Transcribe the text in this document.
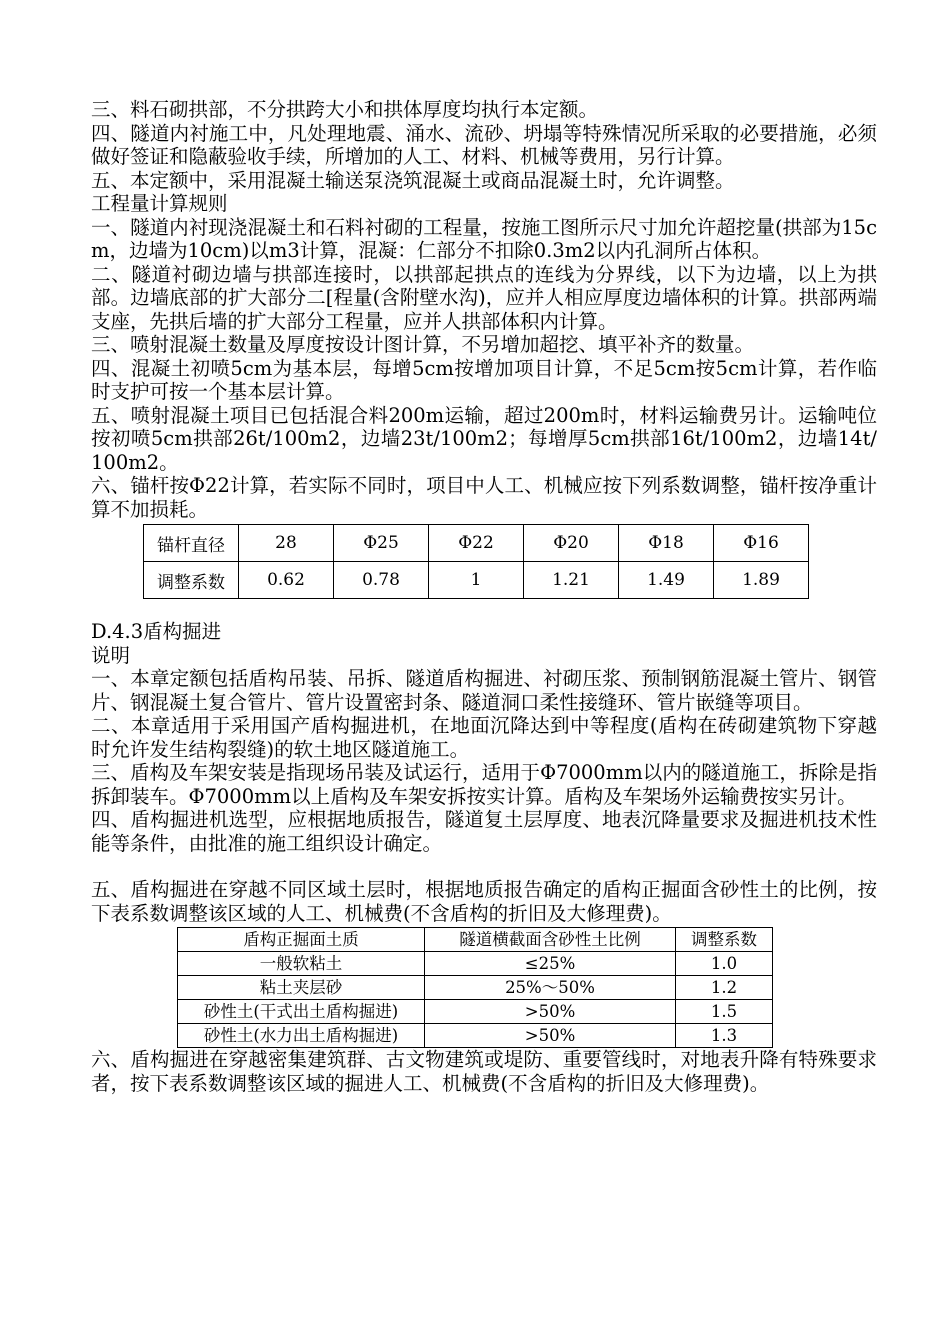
三、料石砌拱部，不分拱跨大小和拱体厚度均执行本定额。

四、隧道内衬施工中，凡处理地震、涌水、流砂、坍塌等特殊情况所采取的必要措施，必须做好签证和隐蔽验收手续，所增加的人工、材料、机械等费用，另行计算。

五、本定额中，采用混凝土输送泵浇筑混凝土或商品混凝土时，允许调整。

工程量计算规则

一、隧道内衬现浇混凝土和石料衬砌的工程量，按施工图所示尺寸加允许超挖量(拱部为15cm，边墙为10cm)以m3计算，混凝：仁部分不扣除0.3m2以内孔洞所占体积。

二、隧道衬砌边墙与拱部连接时，以拱部起拱点的连线为分界线，以下为边墙，以上为拱部。边墙底部的扩大部分二[程量(含附壁水沟)，应并人相应厚度边墙体积的计算。拱部两端支座，先拱后墙的扩大部分工程量，应并人拱部体积内计算。

三、喷射混凝土数量及厚度按设计图计算，不另增加超挖、填平补齐的数量。

四、混凝土初喷5cm为基本层，每增5cm按增加项目计算，不足5cm按5cm计算，若作临时支护可按一个基本层计算。

五、喷射混凝土项目已包括混合料200m运输，超过200m时，材料运输费另计。运输吨位按初喷5cm拱部26t/100m2，边墙23t/100m2；每增厚5cm拱部16t/100m2，边墙14t/100m2。

六、锚杆按Φ22计算，若实际不同时，项目中人工、机械应按下列系数调整，锚杆按净重计算不加损耗。

锚杆直径	28	Φ25	Φ22	Φ20	Φ18	Φ16
调整系数	0.62	0.78	1	1.21	1.49	1.89

D.4.3盾构掘进

说明

一、本章定额包括盾构吊装、吊拆、隧道盾构掘进、衬砌压浆、预制钢筋混凝土管片、钢管片、钢混凝土复合管片、管片设置密封条、隧道洞口柔性接缝环、管片嵌缝等项目。

二、本章适用于采用国产盾构掘进机，在地面沉降达到中等程度(盾构在砖砌建筑物下穿越时允许发生结构裂缝)的软土地区隧道施工。

三、盾构及车架安装是指现场吊装及试运行，适用于Φ7000mm以内的隧道施工，拆除是指拆卸装车。Φ7000mm以上盾构及车架安拆按实计算。盾构及车架场外运输费按实另计。

四、盾构掘进机选型，应根据地质报告，隧道复土层厚度、地表沉降量要求及掘进机技术性能等条件，由批准的施工组织设计确定。

五、盾构掘进在穿越不同区域土层时，根据地质报告确定的盾构正掘面含砂性土的比例，按下表系数调整该区域的人工、机械费(不含盾构的折旧及大修理费)。

盾构正掘面土质	隧道横截面含砂性土比例	调整系数
一般软粘土	≤25%	1.0
粘土夹层砂	25%～50%	1.2
砂性土(干式出土盾构掘进)	>50%	1.5
砂性土(水力出土盾构掘进)	>50%	1.3

六、盾构掘进在穿越密集建筑群、古文物建筑或堤防、重要管线时，对地表升降有特殊要求者，按下表系数调整该区域的掘进人工、机械费(不含盾构的折旧及大修理费)。
